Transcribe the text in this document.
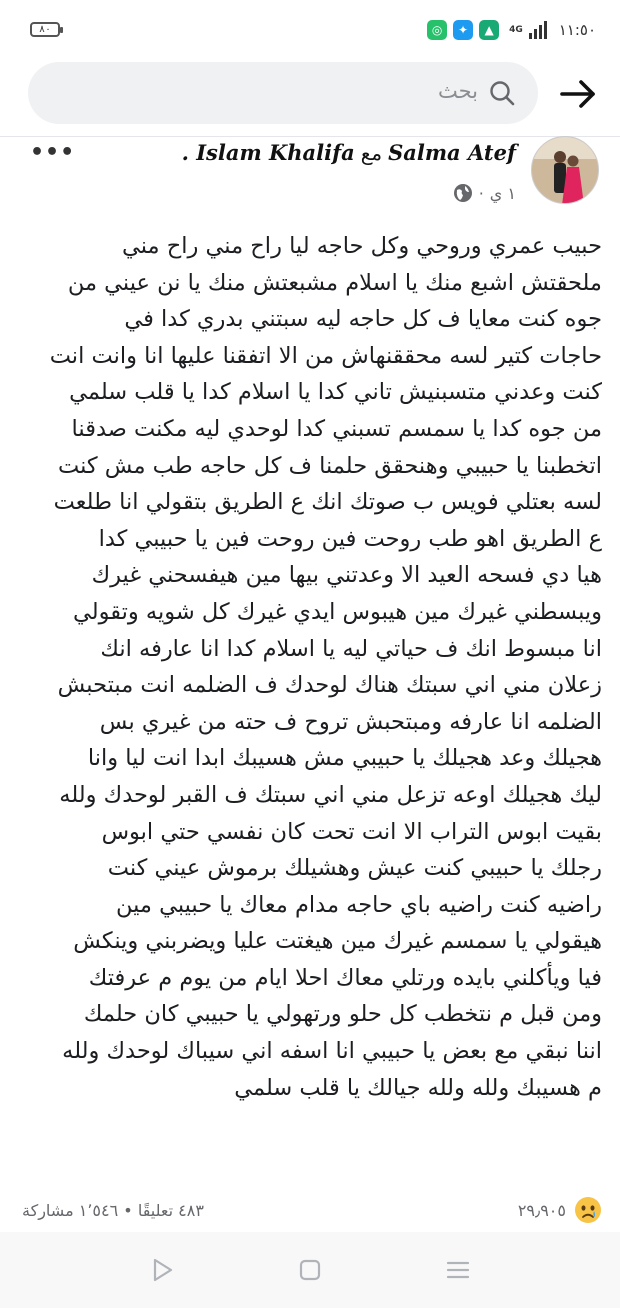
٨٠	◎	✦	▲	4G ١١:٥٠
بحث
Salma AtefمعIslam Khalifa .
•••
١ ي
·
حبيب عمري وروحي وكل حاجه ليا راح مني راح مني
ملحقتش اشبع منك يا اسلام مشبعتش منك يا نن عيني من
جوه كنت معايا ف كل حاجه ليه سبتني بدري كدا في
حاجات كتير لسه محققنهاش من الا اتفقنا عليها انا وانت انت
كنت وعدني متسبنيش تاني كدا يا اسلام كدا يا قلب سلمي
من جوه كدا يا سمسم تسبني كدا لوحدي ليه مكنت صدقنا
اتخطبنا يا حبيبي وهنحقق حلمنا ف كل حاجه طب مش كنت
لسه بعتلي فويس ب صوتك انك ع الطريق بتقولي انا طلعت
ع الطريق اهو طب روحت فين روحت فين يا حبيبي كدا
هيا دي فسحه العيد الا وعدتني بيها مين هيفسحني غيرك
ويبسطني غيرك مين هيبوس ايدي غيرك كل شويه وتقولي
انا مبسوط انك ف حياتي ليه يا اسلام كدا انا عارفه انك
زعلان مني اني سبتك هناك لوحدك ف الضلمه انت مبتحبش
الضلمه انا عارفه ومبتحبش تروح ف حته من غيري بس
هجيلك وعد هجيلك يا حبيبي مش هسيبك ابدا انت ليا وانا
ليك هجيلك اوعه تزعل مني اني سبتك ف القبر لوحدك ولله
بقيت ابوس التراب الا انت تحت كان نفسي حتي ابوس
رجلك يا حبيبي كنت عيش وهشيلك برموش عيني كنت
راضيه كنت راضيه باي حاجه مدام معاك يا حبيبي مين
هيقولي يا سمسم غيرك مين هيغتت عليا ويضربني وينكش
فيا ويأكلني بايده ورتلي معاك احلا ايام من يوم م عرفتك
ومن قبل م نتخطب كل حلو ورتهولي يا حبيبي كان حلمك
اننا نبقي مع بعض يا حبيبي انا اسفه اني سيباك لوحدك ولله
م هسيبك ولله ولله جيالك يا قلب سلمي
٢٩٫٩٠٥
٤٨٣ تعليقًا • ١٬٥٤٦ مشاركة
